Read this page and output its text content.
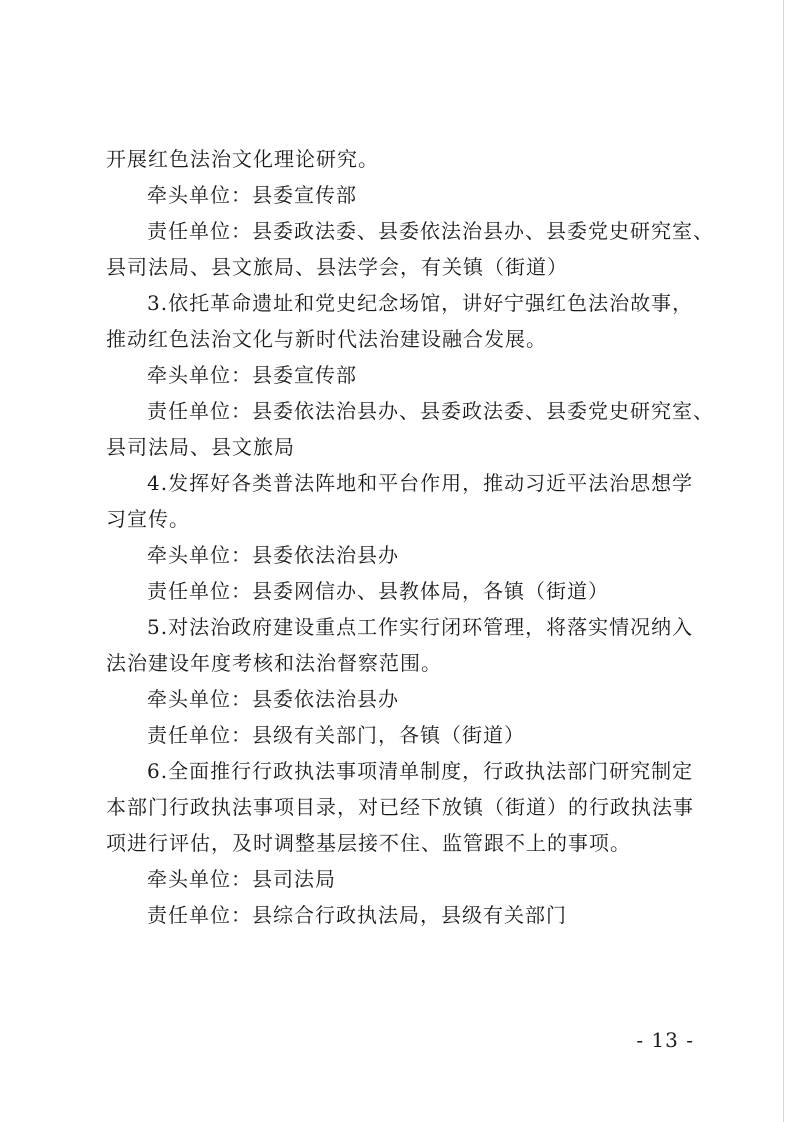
开展红色法治文化理论研究。
牵头单位：县委宣传部
责任单位：县委政法委、县委依法治县办、县委党史研究室、
县司法局、县文旅局、县法学会，有关镇（街道）
3.依托革命遗址和党史纪念场馆，讲好宁强红色法治故事，
推动红色法治文化与新时代法治建设融合发展。
牵头单位：县委宣传部
责任单位：县委依法治县办、县委政法委、县委党史研究室、
县司法局、县文旅局
4.发挥好各类普法阵地和平台作用，推动习近平法治思想学
习宣传。
牵头单位：县委依法治县办
责任单位：县委网信办、县教体局，各镇（街道）
5.对法治政府建设重点工作实行闭环管理，将落实情况纳入
法治建设年度考核和法治督察范围。
牵头单位：县委依法治县办
责任单位：县级有关部门，各镇（街道）
6.全面推行行政执法事项清单制度，行政执法部门研究制定
本部门行政执法事项目录，对已经下放镇（街道）的行政执法事
项进行评估，及时调整基层接不住、监管跟不上的事项。
牵头单位：县司法局
责任单位：县综合行政执法局，县级有关部门
- 13 -
